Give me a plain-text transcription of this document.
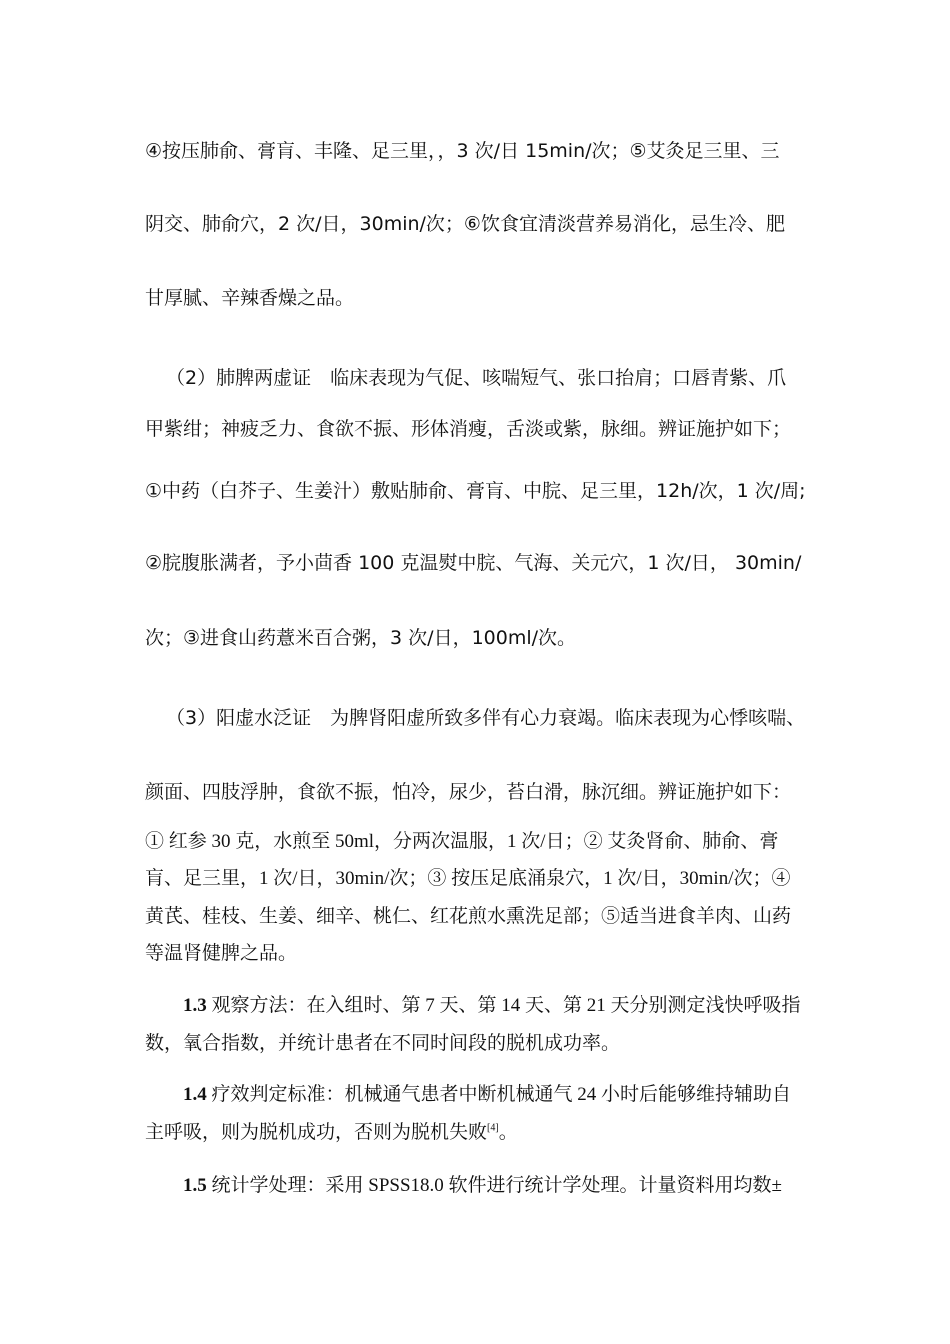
④按压肺俞、膏肓、丰隆、足三里，，3 次/日 15min/次；⑤艾灸足三里、三
阴交、肺俞穴，2 次/日，30min/次；⑥饮食宜清淡营养易消化，忌生冷、肥
甘厚腻、辛辣香燥之品。
（2）肺脾两虚证　临床表现为气促、咳喘短气、张口抬肩；口唇青紫、爪
甲紫绀；神疲乏力、食欲不振、形体消瘦，舌淡或紫，脉细。辨证施护如下；
①中药（白芥子、生姜汁）敷贴肺俞、膏肓、中脘、足三里，12h/次，1 次/周;
②脘腹胀满者，予小茴香 100 克温熨中脘、气海、关元穴，1 次/日， 30min/
次；③进食山药薏米百合粥，3 次/日，100ml/次。
（3）阳虚水泛证　为脾肾阳虚所致多伴有心力衰竭。临床表现为心悸咳喘、
颜面、四肢浮肿，食欲不振，怕冷，尿少，苔白滑，脉沉细。辨证施护如下：
① 红参 30 克，水煎至 50ml，分两次温服，1 次/日；② 艾灸肾俞、肺俞、膏
肓、足三里，1 次/日，30min/次；③ 按压足底涌泉穴，1 次/日，30min/次；④
黄芪、桂枝、生姜、细辛、桃仁、红花煎水熏洗足部；⑤适当进食羊肉、山药
等温肾健脾之品。
1.3 观察方法：在入组时、第 7 天、第 14 天、第 21 天分别测定浅快呼吸指
数，氧合指数，并统计患者在不同时间段的脱机成功率。
1.4 疗效判定标准：机械通气患者中断机械通气 24 小时后能够维持辅助自
主呼吸，则为脱机成功，否则为脱机失败[4]。
1.5 统计学处理：采用 SPSS18.0 软件进行统计学处理。计量资料用均数±
